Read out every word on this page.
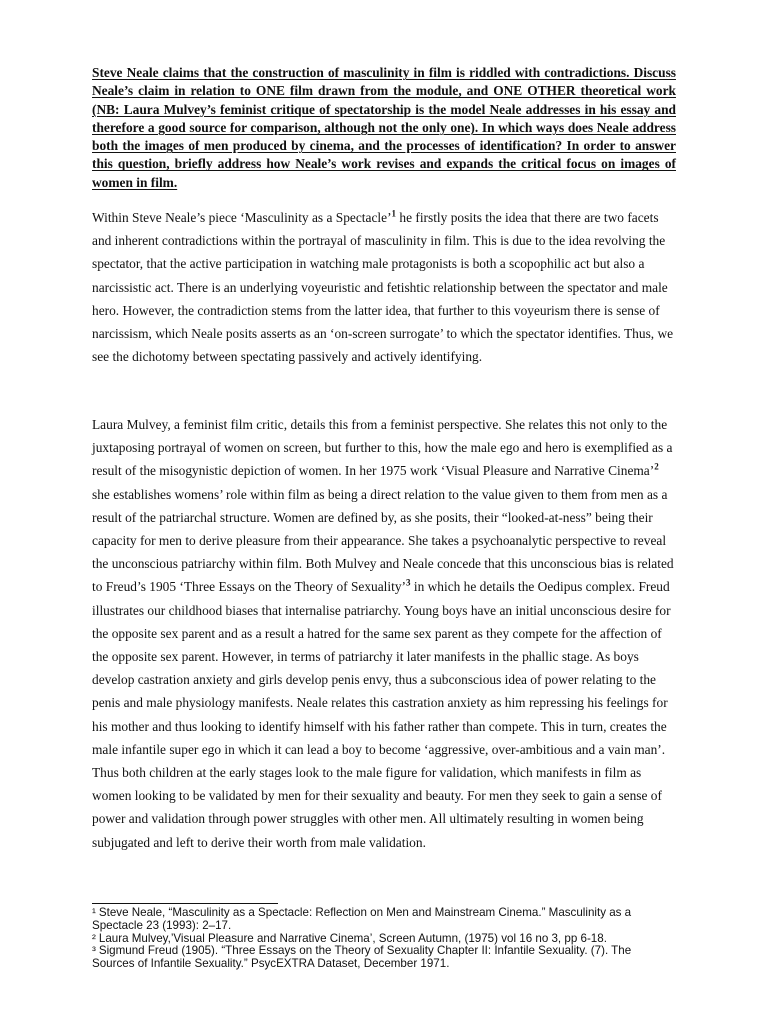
Steve Neale claims that the construction of masculinity in film is riddled with contradictions. Discuss Neale’s claim in relation to ONE film drawn from the module, and ONE OTHER theoretical work (NB: Laura Mulvey’s feminist critique of spectatorship is the model Neale addresses in his essay and therefore a good source for comparison, although not the only one). In which ways does Neale address both the images of men produced by cinema, and the processes of identification? In order to answer this question, briefly address how Neale’s work revises and expands the critical focus on images of women in film.

Within Steve Neale’s piece ‘Masculinity as a Spectacle’$^1$ he firstly posits the idea that there are two facets and inherent contradictions within the portrayal of masculinity in film. This is due to the idea revolving the spectator, that the active participation in watching male protagonists is both a scopophilic act but also a narcissistic act. There is an underlying voyeuristic and fetishtic relationship between the spectator and male hero. However, the contradiction stems from the latter idea, that further to this voyeurism there is sense of narcissism, which Neale posits asserts as an ‘on-screen surrogate’ to which the spectator identifies. Thus, we see the dichotomy between spectating passively and actively identifying.

Laura Mulvey, a feminist film critic, details this from a feminist perspective. She relates this not only to the juxtaposing portrayal of women on screen, but further to this, how the male ego and hero is exemplified as a result of the misogynistic depiction of women. In her 1975 work ‘Visual Pleasure and Narrative Cinema’$^2$ she establishes womens’ role within film as being a direct relation to the value given to them from men as a result of the patriarchal structure. Women are defined by, as she posits, their “looked-at-ness” being their capacity for men to derive pleasure from their appearance. She takes a psychoanalytic perspective to reveal the unconscious patriarchy within film. Both Mulvey and Neale concede that this unconscious bias is related to Freud’s 1905 ‘Three Essays on the Theory of Sexuality’$^3$ in which he details the Oedipus complex. Freud illustrates our childhood biases that internalise patriarchy. Young boys have an initial unconscious desire for the opposite sex parent and as a result a hatred for the same sex parent as they compete for the affection of the opposite sex parent. However, in terms of patriarchy it later manifests in the phallic stage. As boys develop castration anxiety and girls develop penis envy, thus a subconscious idea of power relating to the penis and male physiology manifests. Neale relates this castration anxiety as him repressing his feelings for his mother and thus looking to identify himself with his father rather than compete. This in turn, creates the male infantile super ego in which it can lead a boy to become ‘aggressive, over-ambitious and a vain man’. Thus both children at the early stages look to the male figure for validation, which manifests in film as women looking to be validated by men for their sexuality and beauty. For men they seek to gain a sense of power and validation through power struggles with other men. All ultimately resulting in women being subjugated and left to derive their worth from male validation.

¹ Steve Neale, “Masculinity as a Spectacle: Reflection on Men and Mainstream Cinema.” Masculinity as a Spectacle 23 (1993): 2–17.
² Laura Mulvey,’Visual Pleasure and Narrative Cinema’, Screen Autumn, (1975) vol 16 no 3, pp 6-18.
³ Sigmund Freud (1905). “Three Essays on the Theory of Sexuality Chapter II: Infantile Sexuality. (7). The Sources of Infantile Sexuality.” PsycEXTRA Dataset, December 1971.
